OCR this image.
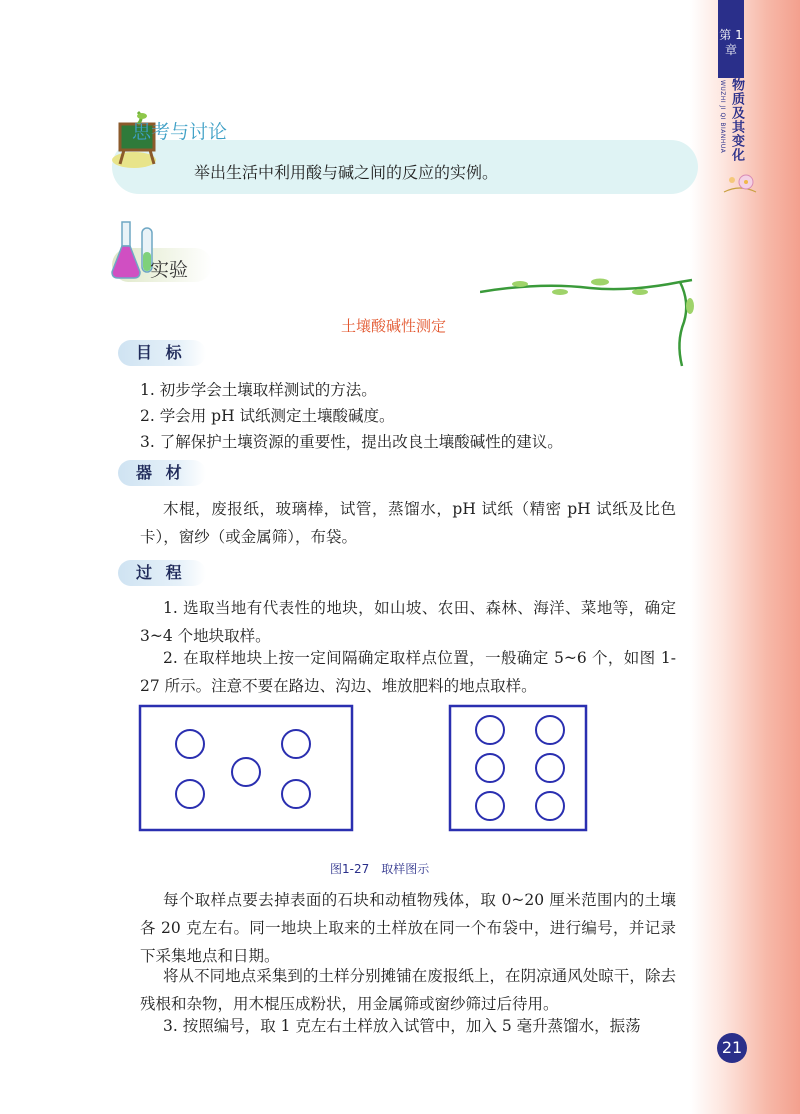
第 1 章
物质及其变化
WUZHI JI QI BIANHUA
思考与讨论
举出生活中利用酸与碱之间的反应的实例。
实验
土壤酸碱性测定
目 标
1. 初步学会土壤取样测试的方法。
2. 学会用 pH 试纸测定土壤酸碱度。
3. 了解保护土壤资源的重要性，提出改良土壤酸碱性的建议。
器 材
木棍，废报纸，玻璃棒，试管，蒸馏水，pH 试纸（精密 pH 试纸及比色卡），窗纱（或金属筛），布袋。
过 程
1. 选取当地有代表性的地块，如山坡、农田、森林、海洋、菜地等，确定 3~4 个地块取样。
2. 在取样地块上按一定间隔确定取样点位置，一般确定 5~6 个，如图 1-27 所示。注意不要在路边、沟边、堆放肥料的地点取样。
图1-27　取样图示
每个取样点要去掉表面的石块和动植物残体，取 0~20 厘米范围内的土壤各 20 克左右。同一地块上取来的土样放在同一个布袋中，进行编号，并记录下采集地点和日期。
将从不同地点采集到的土样分别摊铺在废报纸上，在阴凉通风处晾干，除去残根和杂物，用木棍压成粉状，用金属筛或窗纱筛过后待用。
3. 按照编号，取 1 克左右土样放入试管中，加入 5 毫升蒸馏水，振荡
21
